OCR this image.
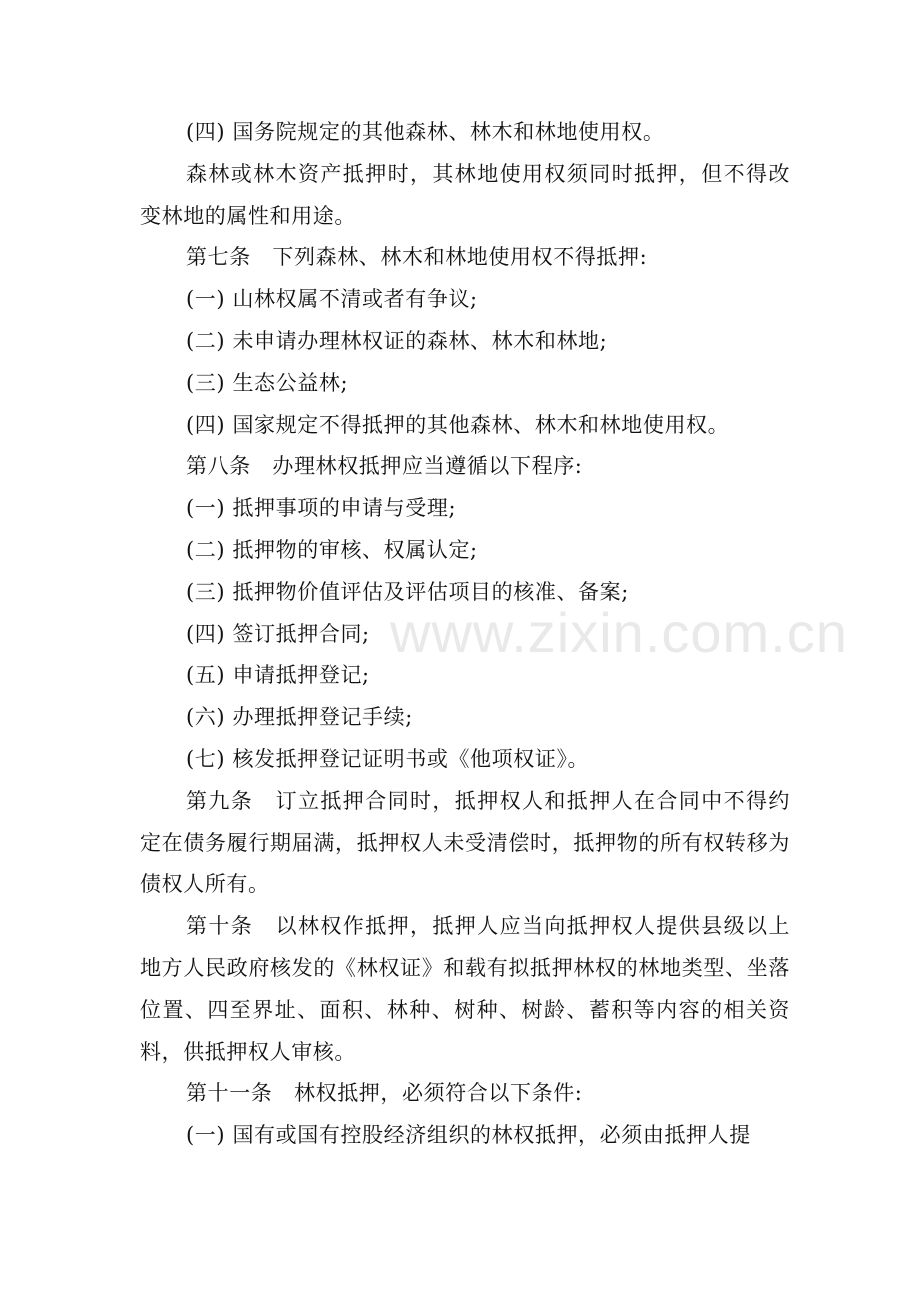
(四) 国务院规定的其他森林、林木和林地使用权。

森林或林木资产抵押时，其林地使用权须同时抵押，但不得改变林地的属性和用途。

第七条　下列森林、林木和林地使用权不得抵押:

(一) 山林权属不清或者有争议;

(二) 未申请办理林权证的森林、林木和林地;

(三) 生态公益林;

(四) 国家规定不得抵押的其他森林、林木和林地使用权。

第八条　办理林权抵押应当遵循以下程序:

(一) 抵押事项的申请与受理;

(二) 抵押物的审核、权属认定;

(三) 抵押物价值评估及评估项目的核准、备案;

(四) 签订抵押合同;

(五) 申请抵押登记;

(六) 办理抵押登记手续;

(七) 核发抵押登记证明书或《他项权证》。

第九条　订立抵押合同时，抵押权人和抵押人在合同中不得约定在债务履行期届满，抵押权人未受清偿时，抵押物的所有权转移为债权人所有。

第十条　以林权作抵押，抵押人应当向抵押权人提供县级以上地方人民政府核发的《林权证》和载有拟抵押林权的林地类型、坐落位置、四至界址、面积、林种、树种、树龄、蓄积等内容的相关资料，供抵押权人审核。

第十一条　林权抵押，必须符合以下条件:

(一) 国有或国有控股经济组织的林权抵押，必须由抵押人提

www.zixin.com.cn
